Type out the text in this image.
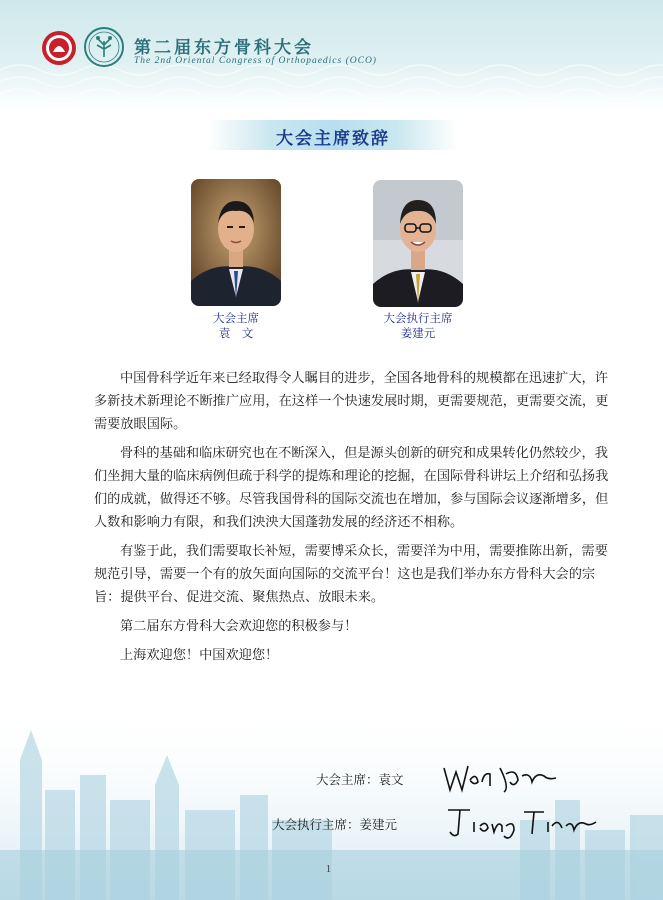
第二届东方骨科大会
The 2nd Oriental Congress of Orthopaedics (OCO)
大会主席致辞
大会主席
袁　文
大会执行主席
姜建元

中国骨科学近年来已经取得令人瞩目的进步，全国各地骨科的规模都在迅速扩大，许多新技术新理论不断推广应用，在这样一个快速发展时期，更需要规范，更需要交流，更需要放眼国际。

骨科的基础和临床研究也在不断深入，但是源头创新的研究和成果转化仍然较少，我们坐拥大量的临床病例但疏于科学的提炼和理论的挖掘，在国际骨科讲坛上介绍和弘扬我们的成就，做得还不够。尽管我国骨科的国际交流也在增加，参与国际会议逐渐增多，但人数和影响力有限，和我们泱泱大国蓬勃发展的经济还不相称。

有鉴于此，我们需要取长补短，需要博采众长，需要洋为中用，需要推陈出新，需要规范引导，需要一个有的放矢面向国际的交流平台！这也是我们举办东方骨科大会的宗旨：提供平台、促进交流、聚焦热点、放眼未来。

第二届东方骨科大会欢迎您的积极参与！

上海欢迎您！中国欢迎您！

大会主席：袁文
大会执行主席：姜建元
1
